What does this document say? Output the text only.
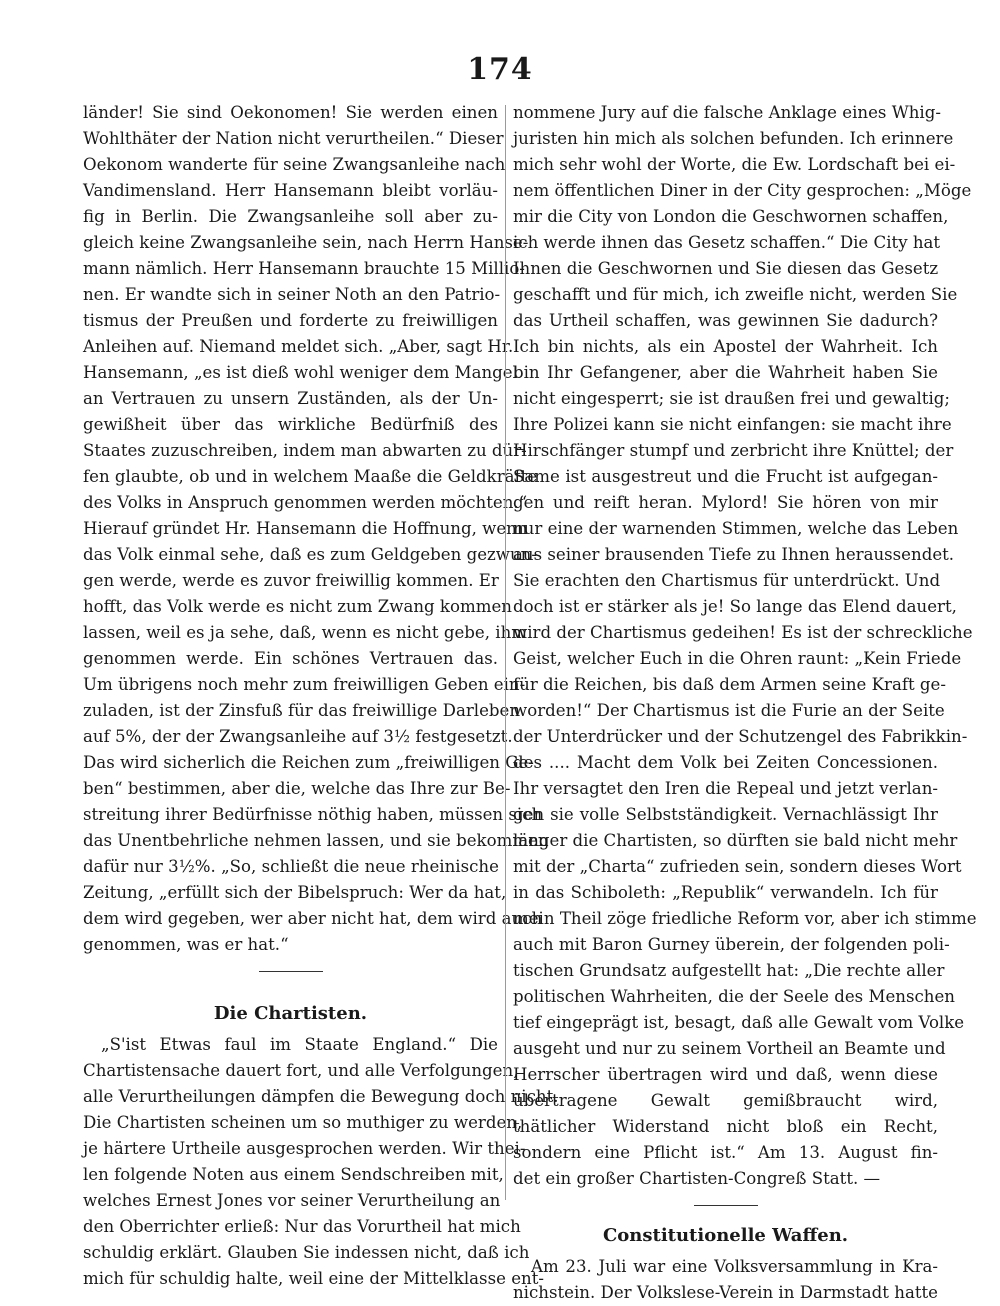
174
länder! Sie sind Oekonomen! Sie werden einen
Wohlthäter der Nation nicht verurtheilen.“ Dieser
Oekonom wanderte für seine Zwangsanleihe nach
Vandimensland. Herr Hansemann bleibt vorläu-
fig in Berlin. Die Zwangsanleihe soll aber zu-
gleich keine Zwangsanleihe sein, nach Herrn Hanse-
mann nämlich. Herr Hansemann brauchte 15 Millio-
nen. Er wandte sich in seiner Noth an den Patrio-
tismus der Preußen und forderte zu freiwilligen
Anleihen auf. Niemand meldet sich. „Aber, sagt Hr.
Hansemann, „es ist dieß wohl weniger dem Mangel
an Vertrauen zu unsern Zuständen, als der Un-
gewißheit über das wirkliche Bedürfniß des
Staates zuzuschreiben, indem man abwarten zu dür-
fen glaubte, ob und in welchem Maaße die Geldkräfte
des Volks in Anspruch genommen werden möchten.“
Hierauf gründet Hr. Hansemann die Hoffnung, wenn
das Volk einmal sehe, daß es zum Geldgeben gezwun-
gen werde, werde es zuvor freiwillig kommen. Er
hofft, das Volk werde es nicht zum Zwang kommen
lassen, weil es ja sehe, daß, wenn es nicht gebe, ihm
genommen werde. Ein schönes Vertrauen das.
Um übrigens noch mehr zum freiwilligen Geben ein-
zuladen, ist der Zinsfuß für das freiwillige Darleben
auf 5%, der der Zwangsanleihe auf 3½ festgesetzt.
Das wird sicherlich die Reichen zum „freiwilligen Ge-
ben“ bestimmen, aber die, welche das Ihre zur Be-
streitung ihrer Bedürfnisse nöthig haben, müssen sich
das Unentbehrliche nehmen lassen, und sie bekommen
dafür nur 3½%. „So, schließt die neue rheinische
Zeitung, „erfüllt sich der Bibelspruch: Wer da hat,
dem wird gegeben, wer aber nicht hat, dem wird auch
genommen, was er hat.“
Die Chartisten.
„S'ist Etwas faul im Staate England.“ Die
Chartistensache dauert fort, und alle Verfolgungen,
alle Verurtheilungen dämpfen die Bewegung doch nicht.
Die Chartisten scheinen um so muthiger zu werden,
je härtere Urtheile ausgesprochen werden. Wir thei-
len folgende Noten aus einem Sendschreiben mit,
welches Ernest Jones vor seiner Verurtheilung an
den Oberrichter erließ: Nur das Vorurtheil hat mich
schuldig erklärt. Glauben Sie indessen nicht, daß ich
mich für schuldig halte, weil eine der Mittelklasse ent-
nommene Jury auf die falsche Anklage eines Whig-
juristen hin mich als solchen befunden. Ich erinnere
mich sehr wohl der Worte, die Ew. Lordschaft bei ei-
nem öffentlichen Diner in der City gesprochen: „Möge
mir die City von London die Geschwornen schaffen,
ich werde ihnen das Gesetz schaffen.“ Die City hat
Ihnen die Geschwornen und Sie diesen das Gesetz
geschafft und für mich, ich zweifle nicht, werden Sie
das Urtheil schaffen, was gewinnen Sie dadurch?
Ich bin nichts, als ein Apostel der Wahrheit. Ich
bin Ihr Gefangener, aber die Wahrheit haben Sie
nicht eingesperrt; sie ist draußen frei und gewaltig;
Ihre Polizei kann sie nicht einfangen: sie macht ihre
Hirschfänger stumpf und zerbricht ihre Knüttel; der
Same ist ausgestreut und die Frucht ist aufgegan-
gen und reift heran. Mylord! Sie hören von mir
nur eine der warnenden Stimmen, welche das Leben
aus seiner brausenden Tiefe zu Ihnen heraussendet.
Sie erachten den Chartismus für unterdrückt. Und
doch ist er stärker als je! So lange das Elend dauert,
wird der Chartismus gedeihen! Es ist der schreckliche
Geist, welcher Euch in die Ohren raunt: „Kein Friede
für die Reichen, bis daß dem Armen seine Kraft ge-
worden!“ Der Chartismus ist die Furie an der Seite
der Unterdrücker und der Schutzengel des Fabrikkin-
des .... Macht dem Volk bei Zeiten Concessionen.
Ihr versagtet den Iren die Repeal und jetzt verlan-
gen sie volle Selbstständigkeit. Vernachlässigt Ihr
länger die Chartisten, so dürften sie bald nicht mehr
mit der „Charta“ zufrieden sein, sondern dieses Wort
in das Schiboleth: „Republik“ verwandeln. Ich für
mein Theil zöge friedliche Reform vor, aber ich stimme
auch mit Baron Gurney überein, der folgenden poli-
tischen Grundsatz aufgestellt hat: „Die rechte aller
politischen Wahrheiten, die der Seele des Menschen
tief eingeprägt ist, besagt, daß alle Gewalt vom Volke
ausgeht und nur zu seinem Vortheil an Beamte und
Herrscher übertragen wird und daß, wenn diese
übertragene Gewalt gemißbraucht wird,
thätlicher Widerstand nicht bloß ein Recht,
sondern eine Pflicht ist.“ Am 13. August fin-
det ein großer Chartisten-Congreß Statt. —
Constitutionelle Waffen.
Am 23. Juli war eine Volksversammlung in Kra-
nichstein. Der Volkslese-Verein in Darmstadt hatte
